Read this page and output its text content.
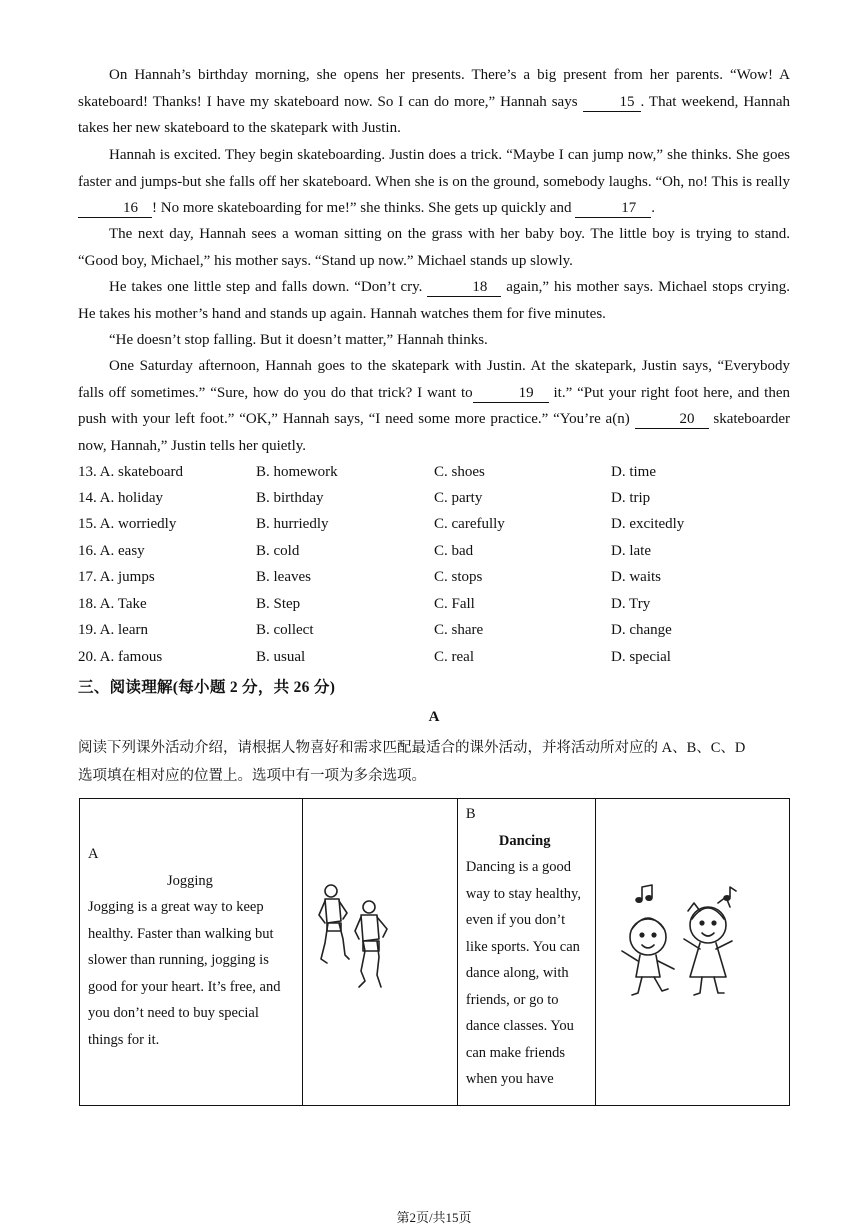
On Hannah’s birthday morning, she opens her presents. There’s a big present from her parents. “Wow! A skateboard! Thanks! I have my skateboard now. So I can do more,” Hannah says 15 . That weekend, Hannah takes her new skateboard to the skatepark with Justin.

Hannah is excited. They begin skateboarding. Justin does a trick. “Maybe I can jump now,” she thinks. She goes faster and jumps-but she falls off her skateboard. When she is on the ground, somebody laughs. “Oh, no! This is really 16 ! No more skateboarding for me!” she thinks. She gets up quickly and	17 .

The next day, Hannah sees a woman sitting on the grass with her baby boy. The little boy is trying to stand. “Good boy, Michael,” his mother says. “Stand up now.” Michael stands up slowly.

He takes one little step and falls down. “Don’t cry.	18 again,” his mother says. Michael stops crying. He takes his mother’s hand and stands up again. Hannah watches them for five minutes.

“He doesn’t stop falling. But it doesn’t matter,” Hannah thinks.

One Saturday afternoon, Hannah goes to the skatepark with Justin. At the skatepark, Justin says, “Everybody falls off sometimes.” “Sure, how do you do that trick? I want to	19 it.” “Put your right foot here, and then push with your left foot.” “OK,” Hannah says, “I need some more practice.” “You’re a(n)	20 skateboarder now, Hannah,” Justin tells her quietly.

13. A. skateboard	B. homework	C. shoes	D. time
14. A. holiday	B. birthday	C. party	D. trip
15. A. worriedly	B. hurriedly	C. carefully	D. excitedly
16. A. easy	B. cold	C. bad	D. late
17. A. jumps	B. leaves	C. stops	D. waits
18. A. Take	B. Step	C. Fall	D. Try
19. A. learn	B. collect	C. share	D. change
20. A. famous	B. usual	C. real	D. special
三、阅读理解(每小题 2 分，共 26 分)
A
阅读下列课外活动介绍，请根据人物喜好和需求匹配最适合的课外活动，并将活动所对应的 A、B、C、D
选项填在相对应的位置上。选项中有一项为多余选项。
A
Jogging
Jogging is a great way to keep
healthy. Faster than walking but
slower than running, jogging is
good for your heart. It’s free, and
you don’t need to buy special
things for it.

B
Dancing
Dancing is a good
way to stay healthy,
even if you don’t
like sports. You can
dance along, with
friends, or go to
dance classes. You
can make friends
when you have

第2页/共15页
